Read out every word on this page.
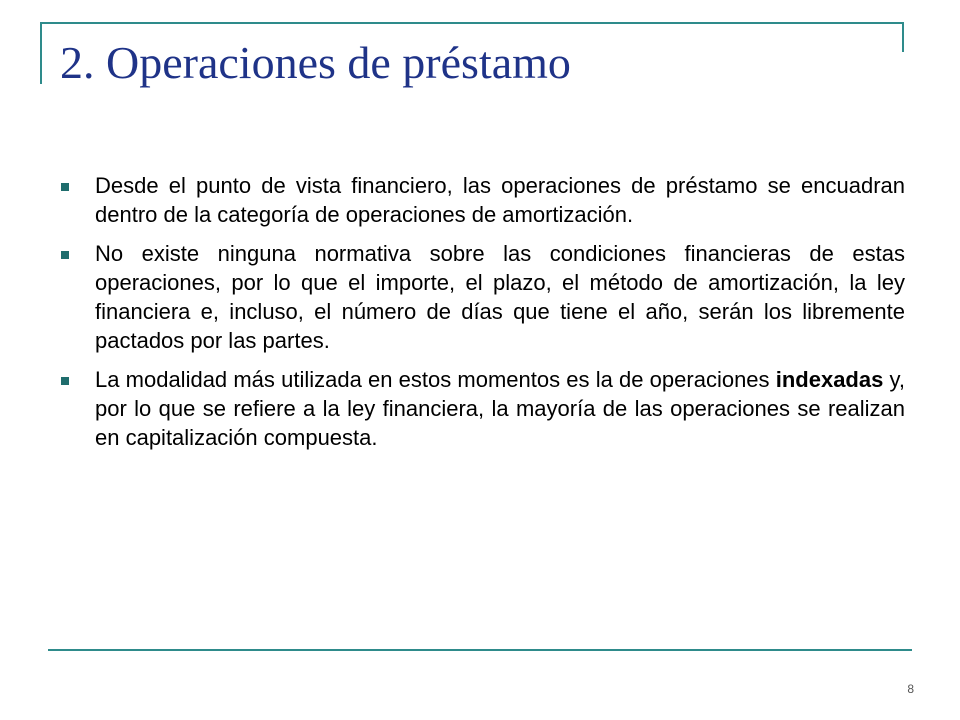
2. Operaciones de préstamo
Desde el punto de vista financiero, las operaciones de préstamo se encuadran dentro de la categoría de operaciones de amortización.
No existe ninguna normativa sobre las condiciones financieras de estas operaciones, por lo que el importe, el plazo, el método de amortización, la ley financiera e, incluso, el número de días que tiene el año, serán los libremente pactados por las partes.
La modalidad más utilizada en estos momentos es la de operaciones indexadas y, por lo que se refiere a la ley financiera, la mayoría de las operaciones se realizan en capitalización compuesta.
8
